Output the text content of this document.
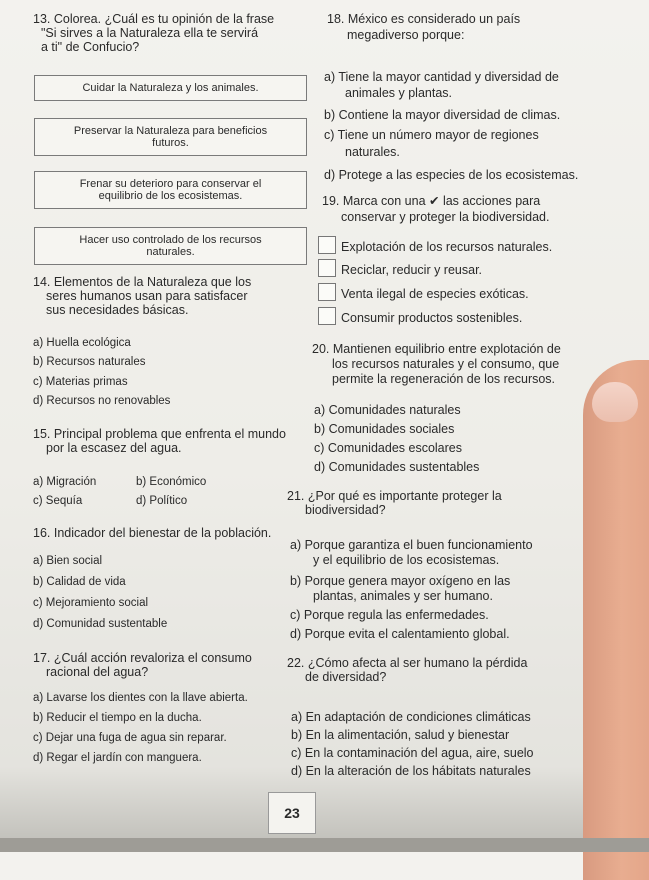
13. Colorea. ¿Cuál es tu opinión de la frase
"Si sirves a la Naturaleza ella te servirá
a ti" de Confucio?
Cuidar la Naturaleza y los animales.
Preservar la Naturaleza para beneficios
futuros.
Frenar su deterioro para conservar el
equilibrio de los ecosistemas.
Hacer uso controlado de los recursos
naturales.
14. Elementos de la Naturaleza que los
seres humanos usan para satisfacer
sus necesidades básicas.
a) Huella ecológica
b) Recursos naturales
c) Materias primas
d) Recursos no renovables
15. Principal problema que enfrenta el mundo
por la escasez del agua.
a) Migración	b) Económico
c) Sequía	d) Político
16. Indicador del bienestar de la población.
a) Bien social
b) Calidad de vida
c) Mejoramiento social
d) Comunidad sustentable
17. ¿Cuál acción revaloriza el consumo
racional del agua?
a) Lavarse los dientes con la llave abierta.
b) Reducir el tiempo en la ducha.
c) Dejar una fuga de agua sin reparar.
d) Regar el jardín con manguera.
18. México es considerado un país
megadiverso porque:
a) Tiene la mayor cantidad y diversidad de
animales y plantas.
b) Contiene la mayor diversidad de climas.
c) Tiene un número mayor de regiones
naturales.
d) Protege a las especies de los ecosistemas.
19. Marca con una ✔ las acciones para
conservar y proteger la biodiversidad.
Explotación de los recursos naturales.
Reciclar, reducir y reusar.
Venta ilegal de especies exóticas.
Consumir productos sostenibles.
20. Mantienen equilibrio entre explotación de
los recursos naturales y el consumo, que
permite la regeneración de los recursos.
a) Comunidades naturales
b) Comunidades sociales
c) Comunidades escolares
d) Comunidades sustentables
21. ¿Por qué es importante proteger la
biodiversidad?
a) Porque garantiza el buen funcionamiento
y el equilibrio de los ecosistemas.
b) Porque genera mayor oxígeno en las
plantas, animales y ser humano.
c) Porque regula las enfermedades.
d) Porque evita el calentamiento global.
22. ¿Cómo afecta al ser humano la pérdida
de diversidad?
a) En adaptación de condiciones climáticas
b) En la alimentación, salud y bienestar
c) En la contaminación del agua, aire, suelo
d) En la alteración de los hábitats naturales
23
